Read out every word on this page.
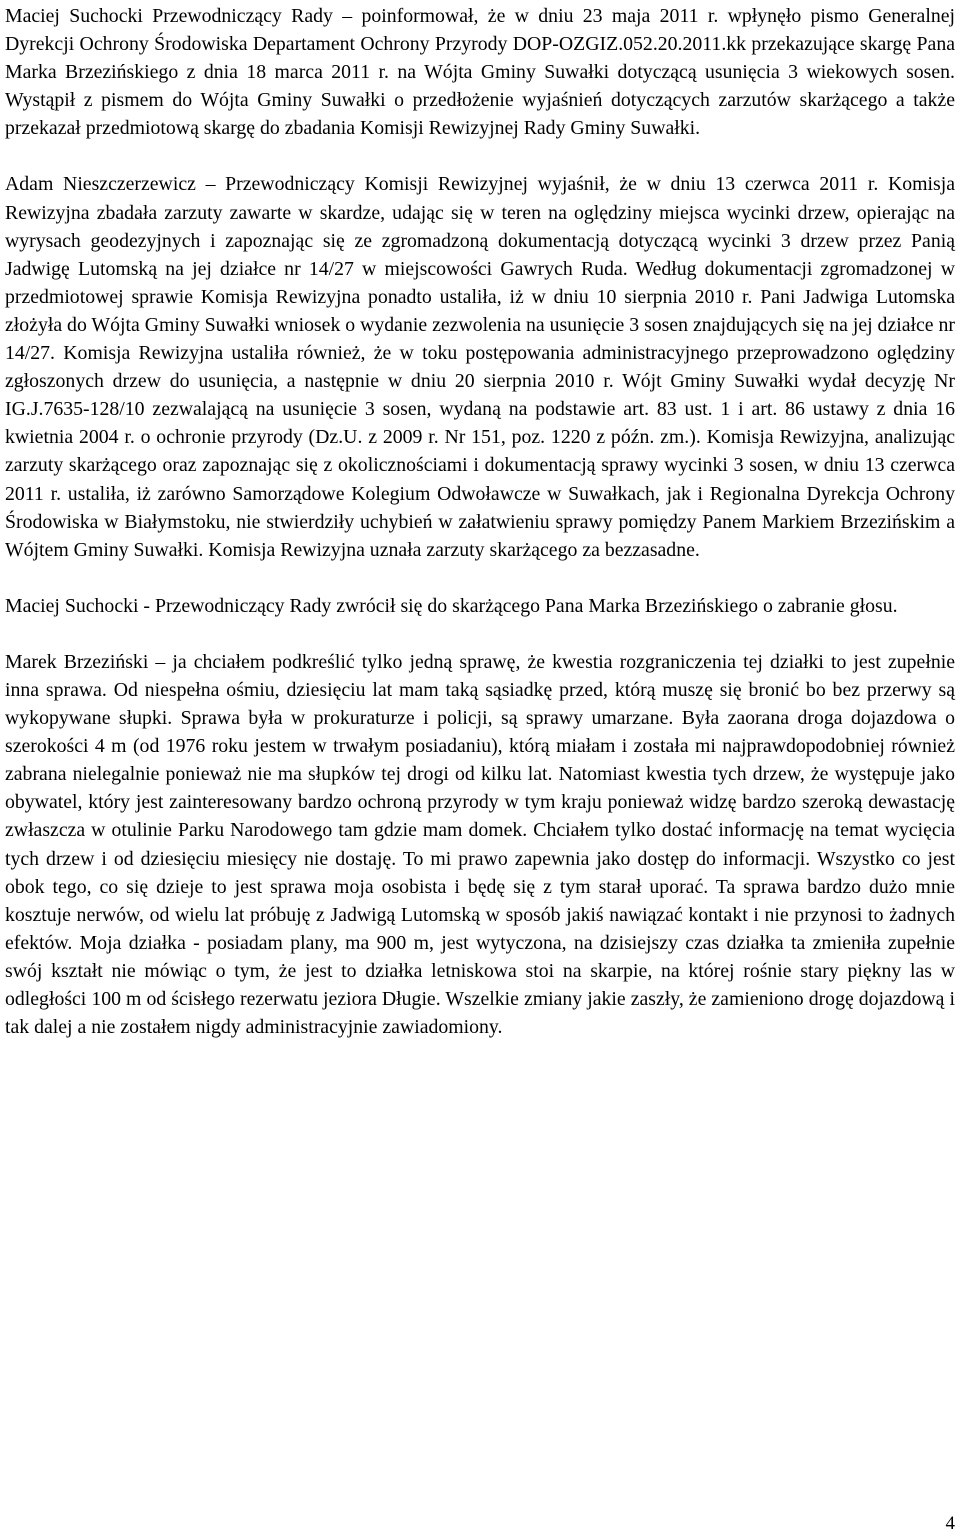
Maciej Suchocki Przewodniczący Rady – poinformował, że w dniu 23 maja 2011 r. wpłynęło pismo Generalnej Dyrekcji Ochrony Środowiska Departament Ochrony Przyrody DOP-OZGIZ.052.20.2011.kk przekazujące skargę Pana Marka Brzezińskiego z dnia 18 marca 2011 r. na Wójta Gminy Suwałki dotyczącą usunięcia 3 wiekowych sosen. Wystąpił z pismem do Wójta Gminy Suwałki o przedłożenie wyjaśnień dotyczących zarzutów skarżącego a także przekazał przedmiotową skargę do zbadania Komisji Rewizyjnej Rady Gminy Suwałki.

Adam Nieszczerzewicz – Przewodniczący Komisji Rewizyjnej wyjaśnił, że w dniu 13 czerwca 2011 r. Komisja Rewizyjna zbadała zarzuty zawarte w skardze, udając się w teren na oględziny miejsca wycinki drzew, opierając na wyrysach geodezyjnych i zapoznając się ze zgromadzoną dokumentacją dotyczącą wycinki 3 drzew przez Panią Jadwigę Lutomską na jej działce nr 14/27 w miejscowości Gawrych Ruda. Według dokumentacji zgromadzonej w przedmiotowej sprawie Komisja Rewizyjna ponadto ustaliła, iż w dniu 10 sierpnia 2010 r. Pani Jadwiga Lutomska złożyła do Wójta Gminy Suwałki wniosek o wydanie zezwolenia na usunięcie 3 sosen znajdujących się na jej działce nr 14/27. Komisja Rewizyjna ustaliła również, że w toku postępowania administracyjnego przeprowadzono oględziny zgłoszonych drzew do usunięcia, a następnie w dniu 20 sierpnia 2010 r. Wójt Gminy Suwałki wydał decyzję Nr IG.J.7635-128/10 zezwalającą na usunięcie 3 sosen, wydaną na podstawie art. 83 ust. 1 i art. 86 ustawy z dnia 16 kwietnia 2004 r. o ochronie przyrody (Dz.U. z 2009 r. Nr 151, poz. 1220 z późn. zm.). Komisja Rewizyjna, analizując zarzuty skarżącego oraz zapoznając się z okolicznościami i dokumentacją sprawy wycinki 3 sosen, w dniu 13 czerwca 2011 r. ustaliła, iż zarówno Samorządowe Kolegium Odwoławcze w Suwałkach, jak i Regionalna Dyrekcja Ochrony Środowiska w Białymstoku, nie stwierdziły uchybień w załatwieniu sprawy pomiędzy Panem Markiem Brzezińskim a Wójtem Gminy Suwałki. Komisja Rewizyjna uznała zarzuty skarżącego za bezzasadne.

Maciej Suchocki - Przewodniczący Rady zwrócił się do skarżącego Pana Marka Brzezińskiego o zabranie głosu.

Marek Brzeziński – ja chciałem podkreślić tylko jedną sprawę, że kwestia rozgraniczenia tej działki to jest zupełnie inna sprawa. Od niespełna ośmiu, dziesięciu lat mam taką sąsiadkę przed, którą muszę się bronić bo bez przerwy są wykopywane słupki. Sprawa była w prokuraturze i policji, są sprawy umarzane. Była zaorana droga dojazdowa o szerokości 4 m (od 1976 roku jestem w trwałym posiadaniu), którą miałam i została mi najprawdopodobniej również zabrana nielegalnie ponieważ nie ma słupków tej drogi od kilku lat. Natomiast kwestia tych drzew, że występuje jako obywatel, który jest zainteresowany bardzo ochroną przyrody w tym kraju ponieważ widzę bardzo szeroką dewastację zwłaszcza w otulinie Parku Narodowego tam gdzie mam domek. Chciałem tylko dostać informację na temat wycięcia tych drzew i od dziesięciu miesięcy nie dostaję. To mi prawo zapewnia jako dostęp do informacji. Wszystko co jest obok tego, co się dzieje to jest sprawa moja osobista i będę się z tym starał uporać. Ta sprawa bardzo dużo mnie kosztuje nerwów, od wielu lat próbuję z Jadwigą Lutomską w sposób jakiś nawiązać kontakt i nie przynosi to żadnych efektów. Moja działka - posiadam plany, ma 900 m, jest wytyczona, na dzisiejszy czas działka ta zmieniła zupełnie swój kształt nie mówiąc o tym, że jest to działka letniskowa stoi na skarpie, na której rośnie stary piękny las w odległości 100 m od ścisłego rezerwatu jeziora Długie. Wszelkie zmiany jakie zaszły, że zamieniono drogę dojazdową i tak dalej a nie zostałem nigdy administracyjnie zawiadomiony.

4
